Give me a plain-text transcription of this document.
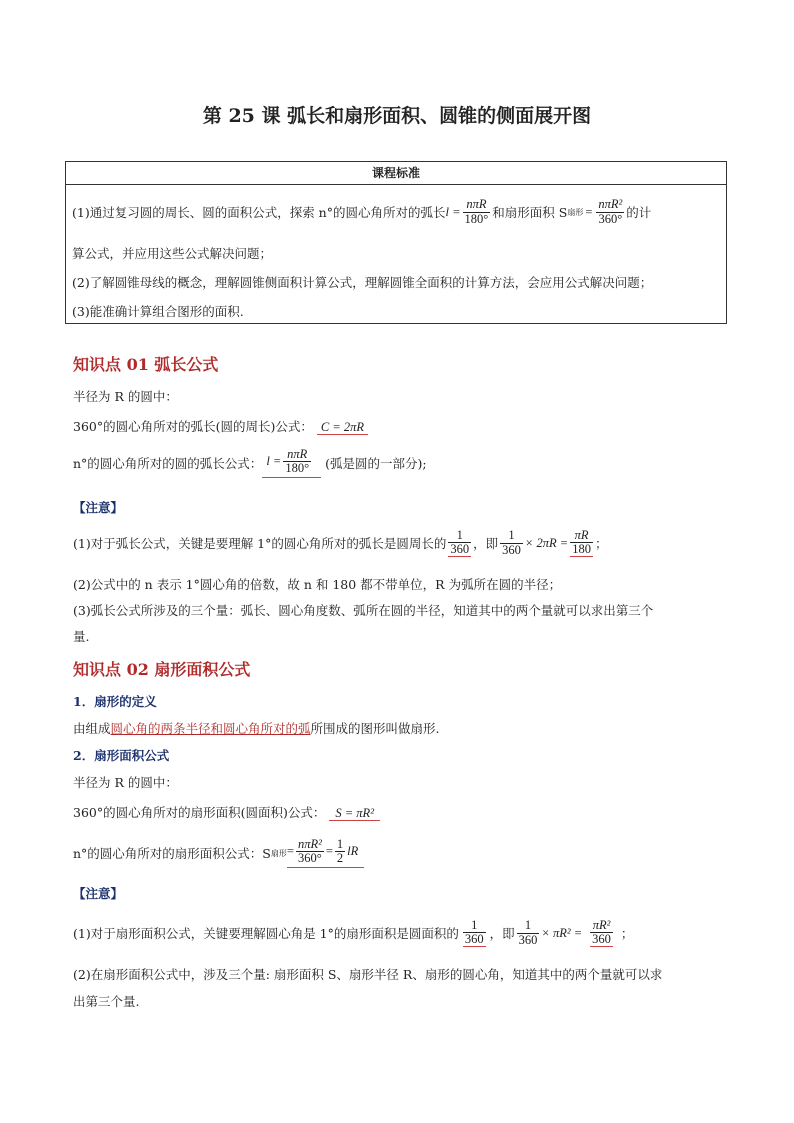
第 25 课 弧长和扇形面积、圆锥的侧面展开图
课程标准
(1)通过复习圆的周长、圆的面积公式，探索 n°的圆心角所对的弧长 $l = \frac{\text{nπR}}{180^\circ}$ 和扇形面积 S 扇形 = $\frac{\text{nπR²}}{360^\circ}$ 的计
算公式，并应用这些公式解决问题；
(2)了解圆锥母线的概念，理解圆锥侧面积计算公式，理解圆锥全面积的计算方法，会应用公式解决问题；
(3)能准确计算组合图形的面积.
知识点 01 弧长公式
半径为 R 的圆中：
360°的圆心角所对的弧长(圆的周长)公式： C = 2πR
n°的圆心角所对的圆的弧长公式： $l = \frac{\text{nπR}}{180^\circ}$ (弧是圆的一部分);
【注意】
(1)对于弧长公式，关键是要理解 1°的圆心角所对的弧长是圆周长的 $\frac{1}{360}$ ，即 $\frac{1}{360} \times 2\pi R = \frac{\pi R}{180}$ ；
(2)公式中的 n 表示 1°圆心角的倍数，故 n 和 180 都不带单位，R 为弧所在圆的半径；
(3)弧长公式所涉及的三个量：弧长、圆心角度数、弧所在圆的半径，知道其中的两个量就可以求出第三个
量.
知识点 02 扇形面积公式
1．扇形的定义
由组成圆心角的两条半径和圆心角所对的弧所围成的图形叫做扇形.
2．扇形面积公式
半径为 R 的圆中：
360°的圆心角所对的扇形面积(圆面积)公式： S = πR²
n°的圆心角所对的扇形面积公式：S 扇形 = $\frac{\text{nπR²}}{360^\circ} = \frac{1}{2}$ lR
【注意】
(1)对于扇形面积公式，关键要理解圆心角是 1°的扇形面积是圆面积的 $\frac{1}{360}$ ，即 $\frac{1}{360} \times \pi R^2 = \frac{\text{πR²}}{360}$ ；
(2)在扇形面积公式中，涉及三个量: 扇形面积 S、扇形半径 R、扇形的圆心角，知道其中的两个量就可以求
出第三个量.
